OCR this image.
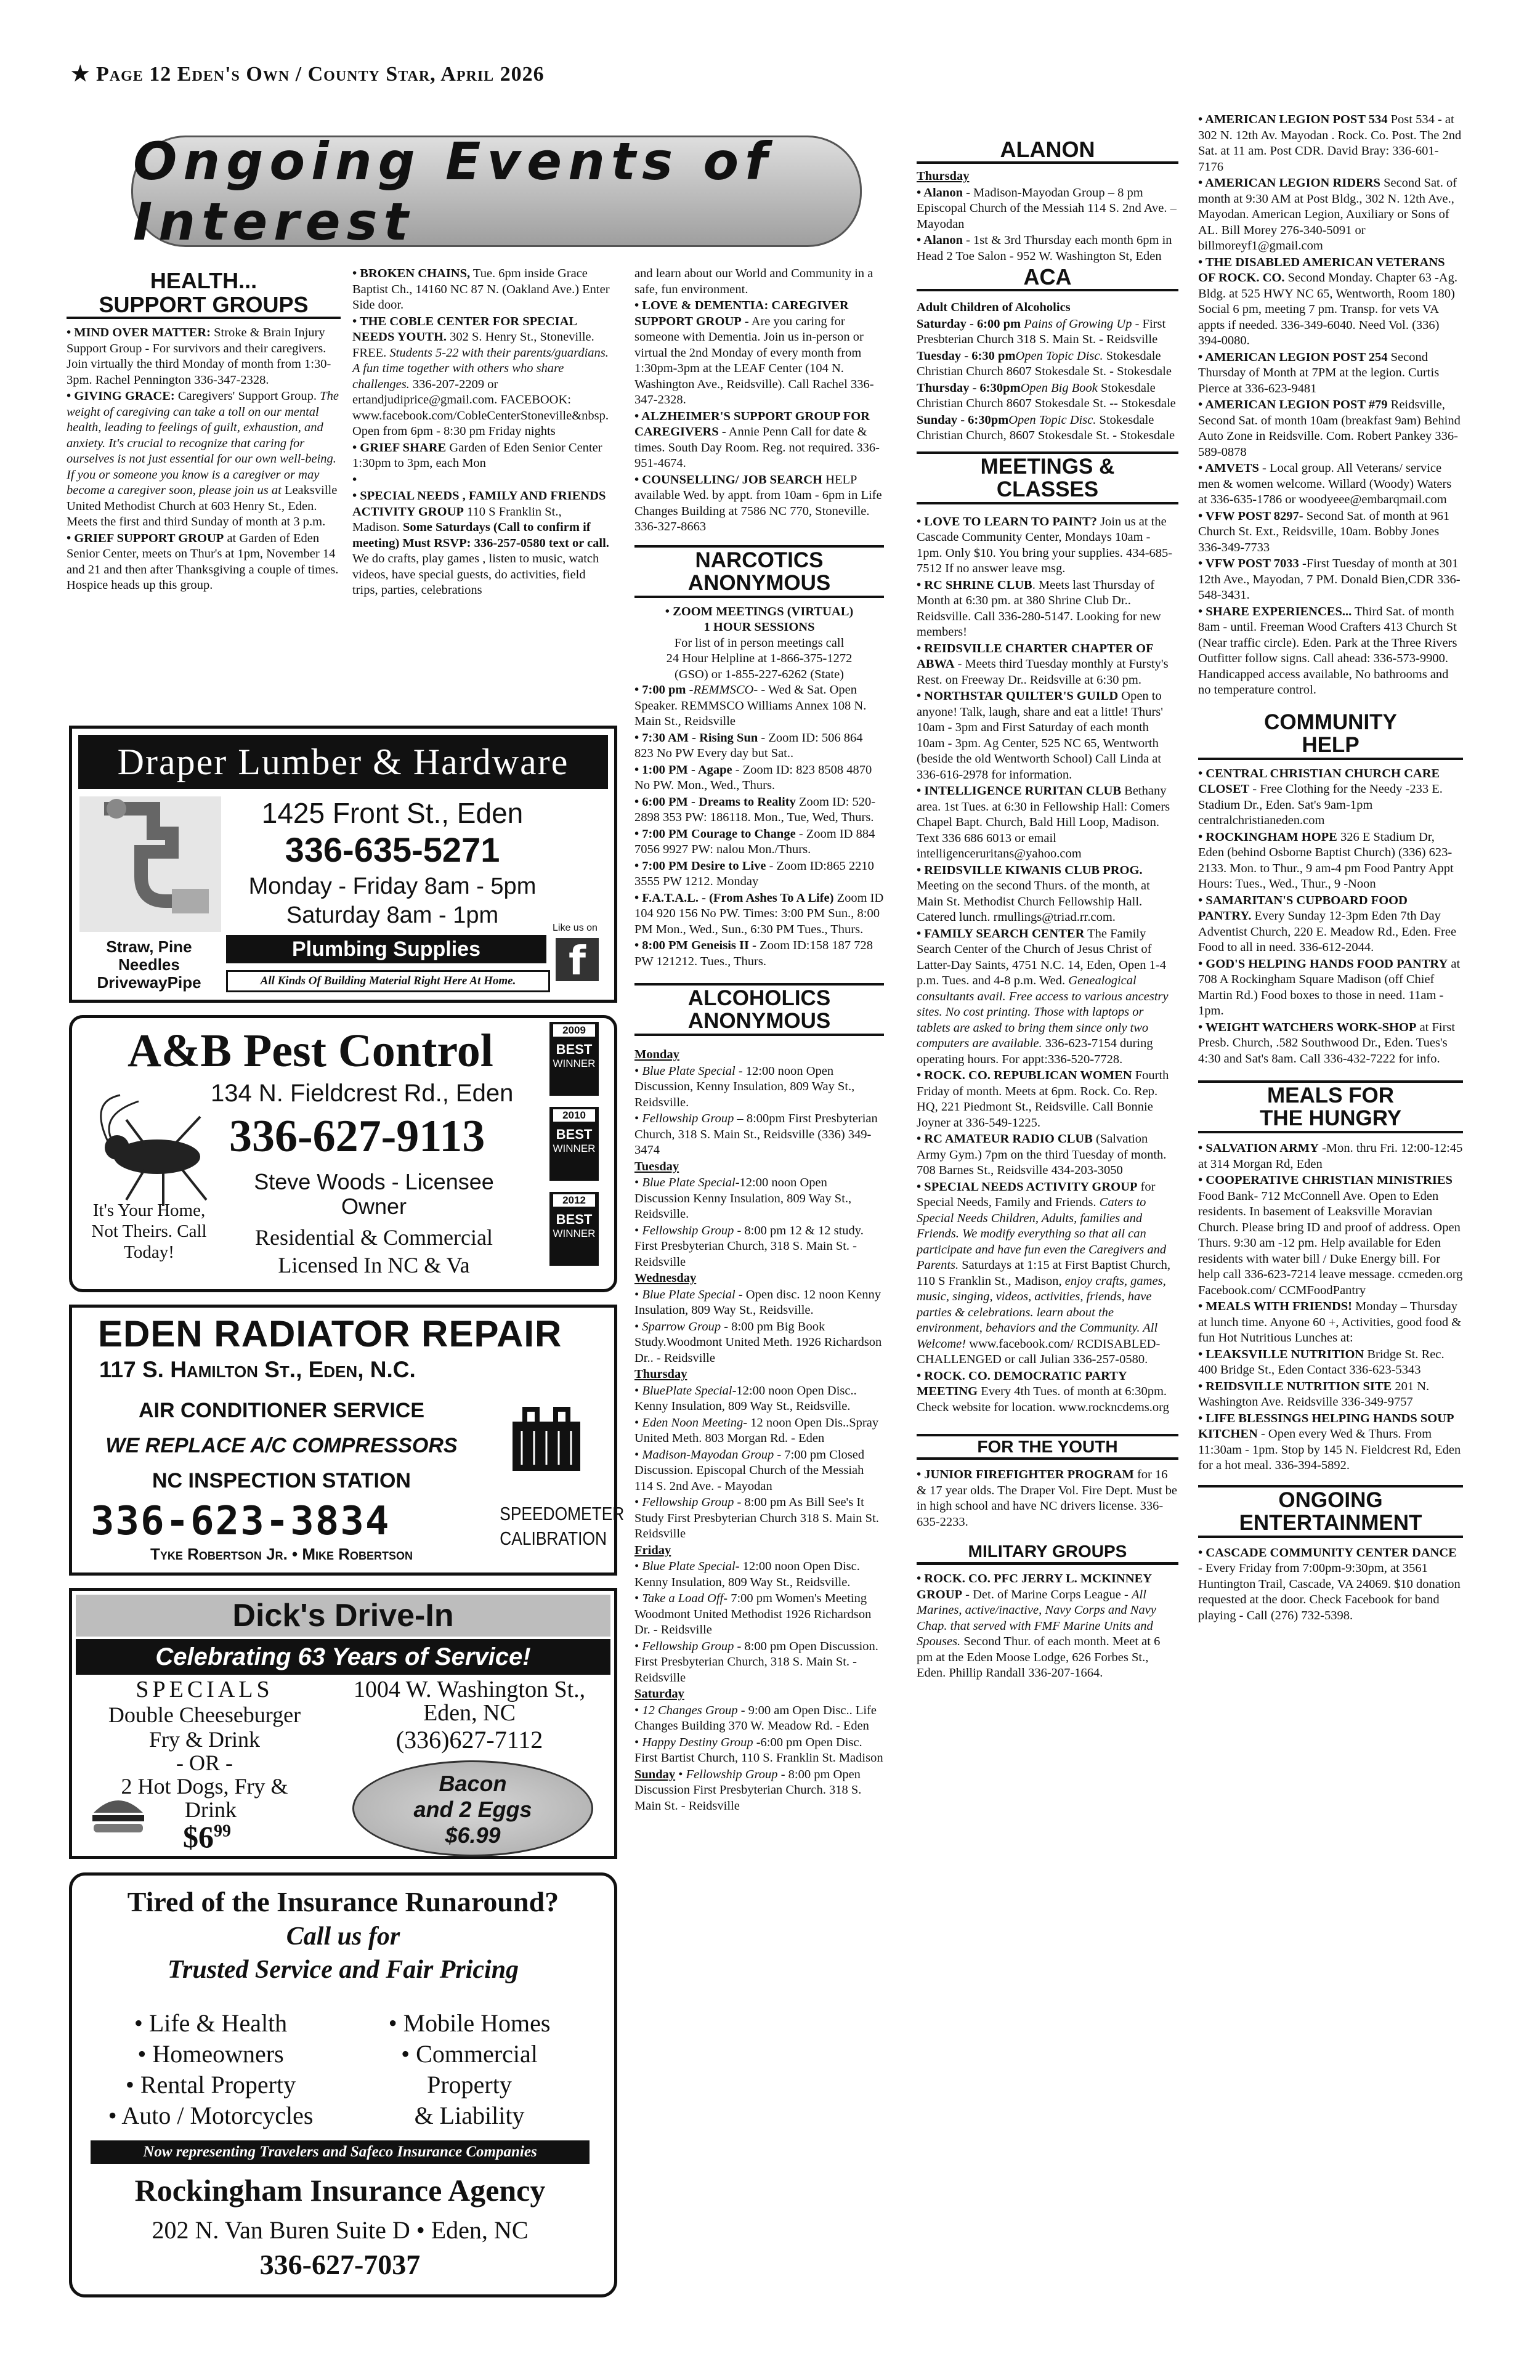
★ Page 12 Eden's Own / County Star, April 2026
Ongoing Events of Interest
HEALTH...
SUPPORT GROUPS

• MIND OVER MATTER: Stroke & Brain Injury Support Group - For survivors and their caregivers. Join virtually the third Monday of month from 1:30-3pm. Rachel Pennington 336-347-2328.

• GIVING GRACE: Caregivers' Support Group. The weight of caregiving can take a toll on our mental health, leading to feelings of guilt, exhaustion, and anxiety. It's crucial to recognize that caring for ourselves is not just essential for our own well-being. If you or someone you know is a caregiver or may become a caregiver soon, please join us at Leaksville United Methodist Church at 603 Henry St., Eden. Meets the first and third Sunday of month at 3 p.m.

• GRIEF SUPPORT GROUP at Garden of Eden Senior Center, meets on Thur's at 1pm, November 14 and 21 and then after Thanksgiving a couple of times. Hospice heads up this group.

• BROKEN CHAINS, Tue. 6pm inside Grace Baptist Ch., 14160 NC 87 N. (Oakland Ave.) Enter Side door.

• THE COBLE CENTER FOR SPECIAL NEEDS YOUTH. 302 S. Henry St., Stoneville. FREE. Students 5-22 with their parents/guardians. A fun time together with others who share challenges. 336-207-2209 or ertandjudiprice@gmail.com. FACEBOOK: www.facebook.com/CobleCenterStoneville&nbsp. Open from 6pm - 8:30 pm Friday nights

• GRIEF SHARE Garden of Eden Senior Center 1:30pm to 3pm, each Mon

•

• SPECIAL NEEDS , FAMILY AND FRIENDS ACTIVITY GROUP 110 S Franklin St., Madison. Some Saturdays (Call to confirm if meeting) Must RSVP: 336-257-0580 text or call. We do crafts, play games , listen to music, watch videos, have special guests, do activities, field trips, parties, celebrations

and learn about our World and Community in a safe, fun environment.

• LOVE & DEMENTIA: CAREGIVER SUPPORT GROUP - Are you caring for someone with Dementia. Join us in-person or virtual the 2nd Monday of every month from 1:30pm-3pm at the LEAF Center (104 N. Washington Ave., Reidsville). Call Rachel 336-347-2328.

• ALZHEIMER'S SUPPORT GROUP FOR CAREGIVERS - Annie Penn Call for date & times. South Day Room. Reg. not required. 336-951-4674.

• COUNSELLING/ JOB SEARCH HELP available Wed. by appt. from 10am - 6pm in Life Changes Building at 7586 NC 770, Stoneville. 336-327-8663

NARCOTICS ANONYMOUS
• ZOOM MEETINGS (VIRTUAL)
1 HOUR SESSIONS
For list of in person meetings call
24 Hour Helpline at 1-866-375-1272
(GSO) or 1-855-227-6262 (State)

• 7:00 pm -REMMSCO- - Wed & Sat. Open Speaker. REMMSCO Williams Annex 108 N. Main St., Reidsville

• 7:30 AM - Rising Sun - Zoom ID: 506 864 823 No PW Every day but Sat..

• 1:00 PM - Agape - Zoom ID: 823 8508 4870 No PW. Mon., Wed., Thurs.

• 6:00 PM - Dreams to Reality Zoom ID: 520-2898 353 PW: 186118. Mon., Tue, Wed, Thurs.

• 7:00 PM Courage to Change - Zoom ID 884 7056 9927 PW: nalou Mon./Thurs.

• 7:00 PM Desire to Live - Zoom ID:865 2210 3555 PW 1212. Monday

• F.A.T.A.L. - (From Ashes To A Life) Zoom ID 104 920 156 No PW. Times: 3:00 PM Sun., 8:00 PM Mon., Wed., Sun., 6:30 PM Tues., Thurs.

• 8:00 PM Geneisis II - Zoom ID:158 187 728 PW 121212. Tues., Thurs.

ALCOHOLICS ANONYMOUS

Monday

• Blue Plate Special - 12:00 noon Open Discussion, Kenny Insulation, 809 Way St., Reidsville.

• Fellowship Group – 8:00pm First Presbyterian Church, 318 S. Main St., Reidsville (336) 349-3474

Tuesday

• Blue Plate Special-12:00 noon Open Discussion Kenny Insulation, 809 Way St., Reidsville.

• Fellowship Group - 8:00 pm 12 & 12 study. First Presbyterian Church, 318 S. Main St. - Reidsville

Wednesday

• Blue Plate Special - Open disc. 12 noon Kenny Insulation, 809 Way St., Reidsville.

• Sparrow Group - 8:00 pm Big Book Study.Woodmont United Meth. 1926 Richardson Dr.. - Reidsville

Thursday

• BluePlate Special-12:00 noon Open Disc.. Kenny Insulation, 809 Way St., Reidsville.

• Eden Noon Meeting- 12 noon Open Dis..Spray United Meth. 803 Morgan Rd. - Eden

• Madison-Mayodan Group - 7:00 pm Closed Discussion. Episcopal Church of the Messiah 114 S. 2nd Ave. - Mayodan

• Fellowship Group - 8:00 pm As Bill See's It Study First Presbyterian Church 318 S. Main St. Reidsville

Friday

• Blue Plate Special- 12:00 noon Open Disc. Kenny Insulation, 809 Way St., Reidsville.

• Take a Load Off- 7:00 pm Women's Meeting Woodmont United Methodist 1926 Richardson Dr. - Reidsville

• Fellowship Group - 8:00 pm Open Discussion. First Presbyterian Church, 318 S. Main St. - Reidsville

Saturday

• 12 Changes Group - 9:00 am Open Disc.. Life Changes Building 370 W. Meadow Rd. - Eden

• Happy Destiny Group -6:00 pm Open Disc. First Bartist Church, 110 S. Franklin St. Madison

Sunday • Fellowship Group - 8:00 pm Open Discussion First Presbyterian Church. 318 S. Main St. - Reidsville

ALANON

Thursday

• Alanon - Madison-Mayodan Group – 8 pm Episcopal Church of the Messiah 114 S. 2nd Ave. – Mayodan

• Alanon - 1st & 3rd Thursday each month 6pm in Head 2 Toe Salon - 952 W. Washington St, Eden

ACA

Adult Children of Alcoholics

Saturday - 6:00 pm Pains of Growing Up - First Presbterian Church 318 S. Main St. - Reidsville

Tuesday - 6:30 pmOpen Topic Disc. Stokesdale Christian Church 8607 Stokesdale St. - Stokesdale

Thursday - 6:30pmOpen Big Book Stokesdale Christian Church 8607 Stokesdale St. -- Stokesdale

Sunday - 6:30pmOpen Topic Disc. Stokesdale Christian Church, 8607 Stokesdale St. - Stokesdale

MEETINGS &
CLASSES

• LOVE TO LEARN TO PAINT? Join us at the Cascade Community Center, Mondays 10am - 1pm. Only $10. You bring your supplies. 434-685-7512 If no answer leave msg.

• RC SHRINE CLUB. Meets last Thursday of Month at 6:30 pm. at 380 Shrine Club Dr.. Reidsville. Call 336-280-5147. Looking for new members!

• REIDSVILLE CHARTER CHAPTER OF ABWA - Meets third Tuesday monthly at Fursty's Rest. on Freeway Dr.. Reidsville at 6:30 pm.

• NORTHSTAR QUILTER'S GUILD Open to anyone! Talk, laugh, share and eat a little! Thurs' 10am - 3pm and First Saturday of each month 10am - 3pm. Ag Center, 525 NC 65, Wentworth (beside the old Wentworth School) Call Linda at 336-616-2978 for information.

• INTELLIGENCE RURITAN CLUB Bethany area. 1st Tues. at 6:30 in Fellowship Hall: Comers Chapel Bapt. Church, Bald Hill Loop, Madison. Text 336 686 6013 or email intelligenceruritans@yahoo.com

• REIDSVILLE KIWANIS CLUB PROG. Meeting on the second Thurs. of the month, at Main St. Methodist Church Fellowship Hall. Catered lunch. rmullings@triad.rr.com.

• FAMILY SEARCH CENTER The Family Search Center of the Church of Jesus Christ of Latter-Day Saints, 4751 N.C. 14, Eden, Open 1-4 p.m. Tues. and 4-8 p.m. Wed. Genealogical consultants avail. Free access to various ancestry sites. No cost printing. Those with laptops or tablets are asked to bring them since only two computers are available. 336-623-7154 during operating hours. For appt:336-520-7728.

• ROCK. CO. REPUBLICAN WOMEN Fourth Friday of month. Meets at 6pm. Rock. Co. Rep. HQ, 221 Piedmont St., Reidsville. Call Bonnie Joyner at 336-549-1225.

• RC AMATEUR RADIO CLUB (Salvation Army Gym.) 7pm on the third Tuesday of month. 708 Barnes St., Reidsville 434-203-3050

• SPECIAL NEEDS ACTIVITY GROUP for Special Needs, Family and Friends. Caters to Special Needs Children, Adults, families and Friends. We modify everything so that all can participate and have fun even the Caregivers and Parents. Saturdays at 1:15 at First Baptist Church, 110 S Franklin St., Madison, enjoy crafts, games, music, singing, videos, activities, friends, have parties & celebrations. learn about the environment, behaviors and the Community. All Welcome! www.facebook.com/ RCDISABLED-CHALLENGED or call Julian 336-257-0580.

• ROCK. CO. DEMOCRATIC PARTY MEETING Every 4th Tues. of month at 6:30pm. Check website for location. www.rockncdems.org

FOR THE YOUTH

• JUNIOR FIREFIGHTER PROGRAM for 16 & 17 year olds. The Draper Vol. Fire Dept. Must be in high school and have NC drivers license. 336-635-2233.

MILITARY GROUPS

• ROCK. CO. PFC JERRY L. MCKINNEY GROUP - Det. of Marine Corps League - All Marines, active/inactive, Navy Corps and Navy Chap. that served with FMF Marine Units and Spouses. Second Thur. of each month. Meet at 6 pm at the Eden Moose Lodge, 626 Forbes St., Eden. Phillip Randall 336-207-1664.

• AMERICAN LEGION POST 534 Post 534 - at 302 N. 12th Av. Mayodan . Rock. Co. Post. The 2nd Sat. at 11 am. Post CDR. David Bray: 336-601-7176

• AMERICAN LEGION RIDERS Second Sat. of month at 9:30 AM at Post Bldg., 302 N. 12th Ave., Mayodan. American Legion, Auxiliary or Sons of AL. Bill Morey 276-340-5091 or billmoreyf1@gmail.com

• THE DISABLED AMERICAN VETERANS OF ROCK. CO. Second Monday. Chapter 63 -Ag. Bldg. at 525 HWY NC 65, Wentworth, Room 180) Social 6 pm, meeting 7 pm. Transp. for vets VA appts if needed. 336-349-6040. Need Vol. (336) 394-0080.

• AMERICAN LEGION POST 254 Second Thursday of Month at 7PM at the legion. Curtis Pierce at 336-623-9481

• AMERICAN LEGION POST #79 Reidsville, Second Sat. of month 10am (breakfast 9am) Behind Auto Zone in Reidsville. Com. Robert Pankey 336-589-0878

• AMVETS - Local group. All Veterans/ service men & women welcome. Willard (Woody) Waters at 336-635-1786 or woodyeee@embarqmail.com

• VFW POST 8297- Second Sat. of month at 961 Church St. Ext., Reidsville, 10am. Bobby Jones 336-349-7733

• VFW POST 7033 -First Tuesday of month at 301 12th Ave., Mayodan, 7 PM. Donald Bien,CDR 336-548-3431.

• SHARE EXPERIENCES... Third Sat. of month 8am - until. Freeman Wood Crafters 413 Church St (Near traffic circle). Eden. Park at the Three Rivers Outfitter follow signs. Call ahead: 336-573-9900. Handicapped access available, No bathrooms and no temperature control.

COMMUNITY
HELP

• CENTRAL CHRISTIAN CHURCH CARE CLOSET - Free Clothing for the Needy -233 E. Stadium Dr., Eden. Sat's 9am-1pm centralchristianeden.com

• ROCKINGHAM HOPE 326 E Stadium Dr, Eden (behind Osborne Baptist Church) (336) 623-2133. Mon. to Thur., 9 am-4 pm Food Pantry Appt Hours: Tues., Wed., Thur., 9 -Noon

• SAMARITAN'S CUPBOARD FOOD PANTRY. Every Sunday 12-3pm Eden 7th Day Adventist Church, 220 E. Meadow Rd., Eden. Free Food to all in need. 336-612-2044.

• GOD'S HELPING HANDS FOOD PANTRY at 708 A Rockingham Square Madison (off Chief Martin Rd.) Food boxes to those in need. 11am - 1pm.

• WEIGHT WATCHERS WORK-SHOP at First Presb. Church, .582 Southwood Dr., Eden. Tues's 4:30 and Sat's 8am. Call 336-432-7222 for info.

MEALS FOR
THE HUNGRY

• SALVATION ARMY -Mon. thru Fri. 12:00-12:45 at 314 Morgan Rd, Eden

• COOPERATIVE CHRISTIAN MINISTRIES Food Bank- 712 McConnell Ave. Open to Eden residents. In basement of Leaksville Moravian Church. Please bring ID and proof of address. Open Thurs. 9:30 am -12 pm. Help available for Eden residents with water bill / Duke Energy bill. For help call 336-623-7214 leave message. ccmeden.org Facebook.com/ CCMFoodPantry

• MEALS WITH FRIENDS! Monday – Thursday at lunch time. Anyone 60 +, Activities, good food & fun Hot Nutritious Lunches at:

• LEAKSVILLE NUTRITION Bridge St. Rec. 400 Bridge St., Eden Contact 336-623-5343

• REIDSVILLE NUTRITION SITE 201 N. Washington Ave. Reidsville 336-349-9757

• LIFE BLESSINGS HELPING HANDS SOUP KITCHEN - Open every Wed & Thurs. From 11:30am - 1pm. Stop by 145 N. Fieldcrest Rd, Eden for a hot meal. 336-394-5892.

ONGOING
ENTERTAINMENT

• CASCADE COMMUNITY CENTER DANCE - Every Friday from 7:00pm-9:30pm, at 3561 Huntington Trail, Cascade, VA 24069. $10 donation requested at the door. Check Facebook for band playing - Call (276) 732-5398.

Draper Lumber & Hardware
1425 Front St., Eden
336-635-5271
Monday - Friday 8am - 5pm
Saturday 8am - 1pm	Like us on
f
Straw, Pine Needles DrivewayPipe
Plumbing Supplies
All Kinds Of Building Material Right Here At Home.
A&B Pest Control
134 N. Fieldcrest Rd., Eden
336-627-9113
Steve Woods - Licensee
Owner
Residential & Commercial
Licensed In NC & Va
It's Your Home, Not Theirs. Call Today!
2009
BEST
WINNER
2010
BEST
WINNER
2012
BEST
WINNER
EDEN RADIATOR REPAIR
117 S. Hamilton St., Eden, N.C.
AIR CONDITIONER SERVICE
WE REPLACE A/C COMPRESSORS
NC INSPECTION STATION
336-623-3834
Tyke Robertson Jr. • Mike Robertson
SPEEDOMETER CALIBRATION
Dick's Drive-In
Celebrating 63 Years of Service!
SPECIALS
Double Cheeseburger
Fry & Drink
- OR -
2 Hot Dogs, Fry &
Drink
$\$6^{99}$
1004 W. Washington St.,
Eden, NC
(336)627-7112
Bacon
and 2 Eggs
$6.99
Tired of the Insurance Runaround?
Call us for
Trusted Service and Fair Pricing
• Life & Health
• Homeowners
• Rental Property
• Auto / Motorcycles
• Mobile Homes
• Commercial
Property
& Liability
Now representing Travelers and Safeco Insurance Companies
Rockingham Insurance Agency
202 N. Van Buren Suite D • Eden, NC
336-627-7037
